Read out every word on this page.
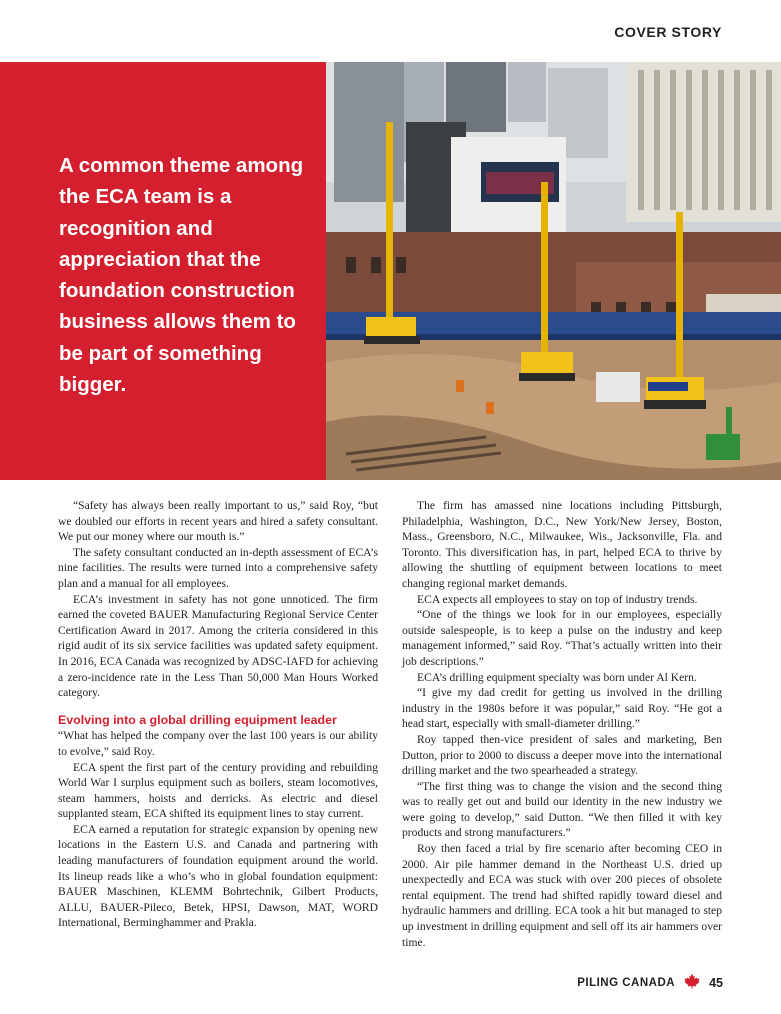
COVER STORY

A common theme among the ECA team is a recognition and appreciation that the foundation construction business allows them to be part of something bigger.

“Safety has always been really important to us,” said Roy, “but we doubled our efforts in recent years and hired a safety consultant. We put our money where our mouth is.”

The safety consultant conducted an in-depth assessment of ECA’s nine facilities. The results were turned into a comprehensive safety plan and a manual for all employees.

ECA’s investment in safety has not gone unnoticed. The firm earned the coveted BAUER Manufacturing Regional Service Center Certification Award in 2017. Among the criteria considered in this rigid audit of its six service facilities was updated safety equipment. In 2016, ECA Canada was recognized by ADSC-IAFD for achieving a zero-incidence rate in the Less Than 50,000 Man Hours Worked category.

Evolving into a global drilling equipment leader

“What has helped the company over the last 100 years is our ability to evolve,” said Roy.

ECA spent the first part of the century providing and rebuilding World War I surplus equipment such as boilers, steam locomotives, steam hammers, hoists and derricks. As electric and diesel supplanted steam, ECA shifted its equipment lines to stay current.

ECA earned a reputation for strategic expansion by opening new locations in the Eastern U.S. and Canada and partnering with leading manufacturers of foundation equipment around the world. Its lineup reads like a who’s who in global foundation equipment: BAUER Maschinen, KLEMM Bohrtechnik, Gilbert Products, ALLU, BAUER-Pileco, Betek, HPSI, Dawson, MAT, WORD International, Berminghammer and Prakla.

The firm has amassed nine locations including Pittsburgh, Philadelphia, Washington, D.C., New York/New Jersey, Boston, Mass., Greensboro, N.C., Milwaukee, Wis., Jacksonville, Fla. and Toronto. This diversification has, in part, helped ECA to thrive by allowing the shuttling of equipment between locations to meet changing regional market demands.

ECA expects all employees to stay on top of industry trends.

“One of the things we look for in our employees, especially outside salespeople, is to keep a pulse on the industry and keep management informed,” said Roy. “That’s actually written into their job descriptions.”

ECA’s drilling equipment specialty was born under Al Kern.

“I give my dad credit for getting us involved in the drilling industry in the 1980s before it was popular,” said Roy. “He got a head start, especially with small-diameter drilling.”

Roy tapped then-vice president of sales and marketing, Ben Dutton, prior to 2000 to discuss a deeper move into the international drilling market and the two spearheaded a strategy.

“The first thing was to change the vision and the second thing was to really get out and build our identity in the new industry we were going to develop,” said Dutton. “We then filled it with key products and strong manufacturers.”

Roy then faced a trial by fire scenario after becoming CEO in 2000. Air pile hammer demand in the Northeast U.S. dried up unexpectedly and ECA was stuck with over 200 pieces of obsolete rental equipment. The trend had shifted rapidly toward diesel and hydraulic hammers and drilling. ECA took a hit but managed to step up investment in drilling equipment and sell off its air hammers over time.

PILING CANADA	45
